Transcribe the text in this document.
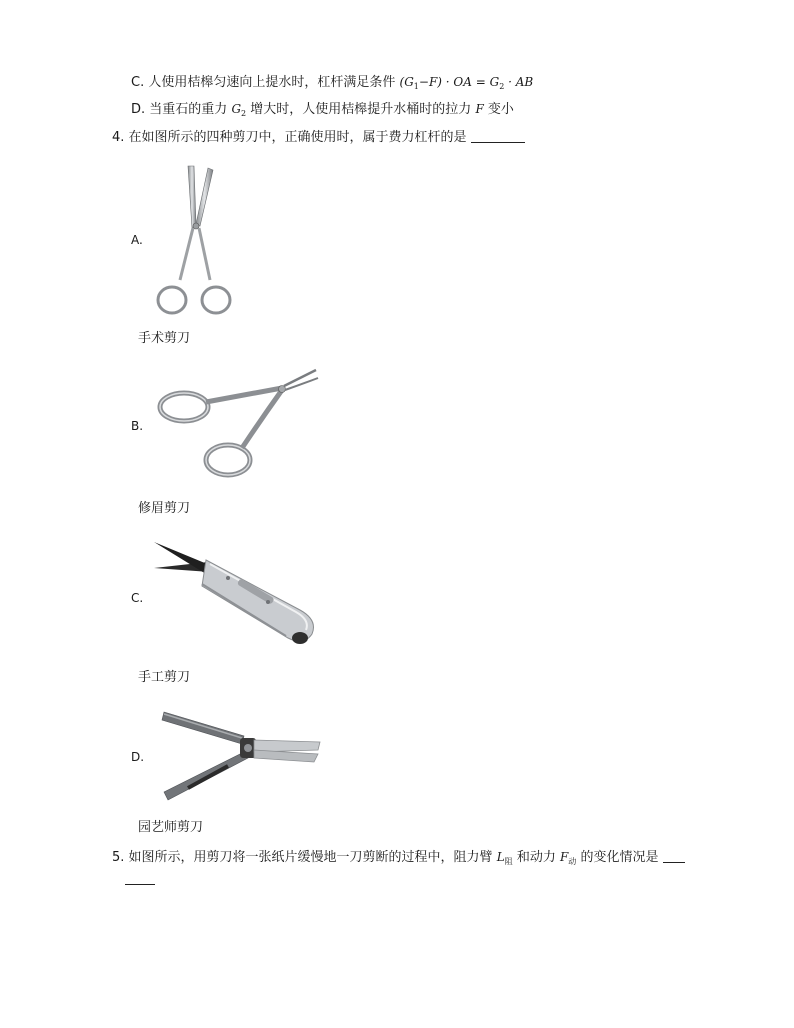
C. 人使用桔槔匀速向上提水时，杠杆满足条件 $(G_1-F)$ · OA = $G_2$ · AB
D. 当重石的重力 $G_2$ 增大时，人使用桔槔提升水桶时的拉力 F 变小
4. 在如图所示的四种剪刀中，正确使用时，属于费力杠杆的是
A.
手术剪刀
B.
修眉剪刀
C.
手工剪刀
D.
园艺师剪刀
5. 如图所示，用剪刀将一张纸片缓慢地一刀剪断的过程中，阻力臂 $L_阻$ 和动力 $F_动$ 的变化情况是
